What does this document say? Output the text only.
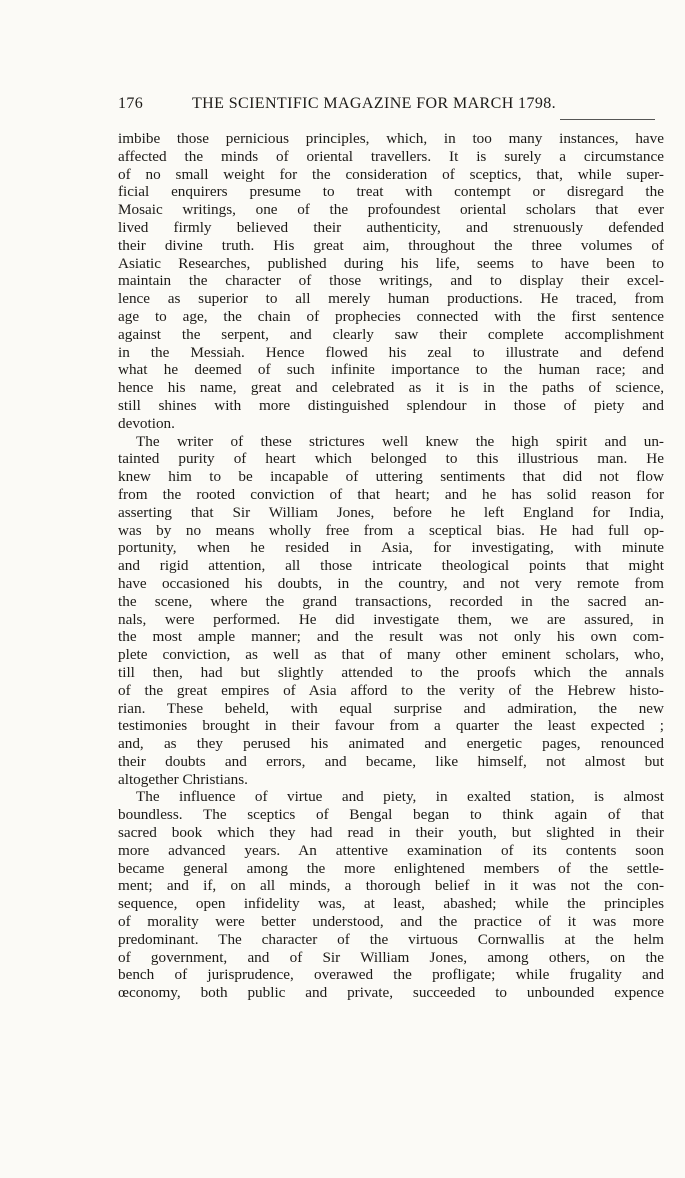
176	THE SCIENTIFIC MAGAZINE FOR MARCH 1798.
imbibe those pernicious principles, which, in too many instances, have
affected the minds of oriental travellers. It is surely a circumstance
of no small weight for the consideration of sceptics, that, while super-
ficial enquirers presume to treat with contempt or disregard the
Mosaic writings, one of the profoundest oriental scholars that ever
lived firmly believed their authenticity, and strenuously defended
their divine truth. His great aim, throughout the three volumes of
Asiatic Researches, published during his life, seems to have been to
maintain the character of those writings, and to display their excel-
lence as superior to all merely human productions. He traced, from
age to age, the chain of prophecies connected with the first sentence
against the serpent, and clearly saw their complete accomplishment
in the Messiah. Hence flowed his zeal to illustrate and defend
what he deemed of such infinite importance to the human race; and
hence his name, great and celebrated as it is in the paths of science,
still shines with more distinguished splendour in those of piety and
devotion.
The writer of these strictures well knew the high spirit and un-
tainted purity of heart which belonged to this illustrious man. He
knew him to be incapable of uttering sentiments that did not flow
from the rooted conviction of that heart; and he has solid reason for
asserting that Sir William Jones, before he left England for India,
was by no means wholly free from a sceptical bias. He had full op-
portunity, when he resided in Asia, for investigating, with minute
and rigid attention, all those intricate theological points that might
have occasioned his doubts, in the country, and not very remote from
the scene, where the grand transactions, recorded in the sacred an-
nals, were performed. He did investigate them, we are assured, in
the most ample manner; and the result was not only his own com-
plete conviction, as well as that of many other eminent scholars, who,
till then, had but slightly attended to the proofs which the annals
of the great empires of Asia afford to the verity of the Hebrew histo-
rian. These beheld, with equal surprise and admiration, the new
testimonies brought in their favour from a quarter the least expected ;
and, as they perused his animated and energetic pages, renounced
their doubts and errors, and became, like himself, not almost but
altogether Christians.
The influence of virtue and piety, in exalted station, is almost
boundless. The sceptics of Bengal began to think again of that
sacred book which they had read in their youth, but slighted in their
more advanced years. An attentive examination of its contents soon
became general among the more enlightened members of the settle-
ment; and if, on all minds, a thorough belief in it was not the con-
sequence, open infidelity was, at least, abashed; while the principles
of morality were better understood, and the practice of it was more
predominant. The character of the virtuous Cornwallis at the helm
of government, and of Sir William Jones, among others, on the
bench of jurisprudence, overawed the profligate; while frugality and
œconomy, both public and private, succeeded to unbounded expence
